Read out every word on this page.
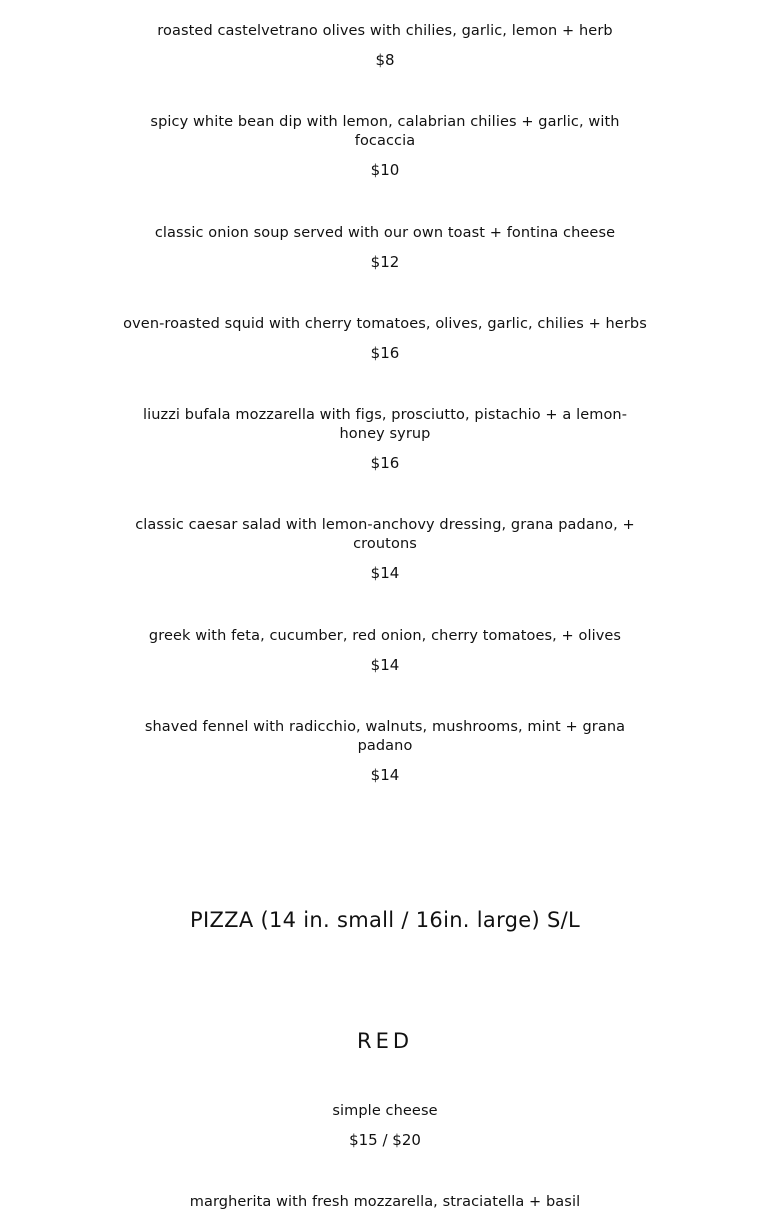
roasted castelvetrano olives with chilies, garlic, lemon + herb
$8
spicy white bean dip with lemon, calabrian chilies + garlic, with focaccia
$10
classic onion soup served with our own toast + fontina cheese
$12
oven-roasted squid with cherry tomatoes, olives, garlic, chilies + herbs
$16
liuzzi bufala mozzarella with figs, prosciutto, pistachio + a lemon-honey syrup
$16
classic caesar salad with lemon-anchovy dressing, grana padano, + croutons
$14
greek with feta, cucumber, red onion, cherry tomatoes, + olives
$14
shaved fennel with radicchio, walnuts, mushrooms, mint + grana padano
$14
PIZZA (14 in. small / 16in. large) S/L
RED
simple cheese
$15 / $20
margherita with fresh mozzarella, straciatella + basil
